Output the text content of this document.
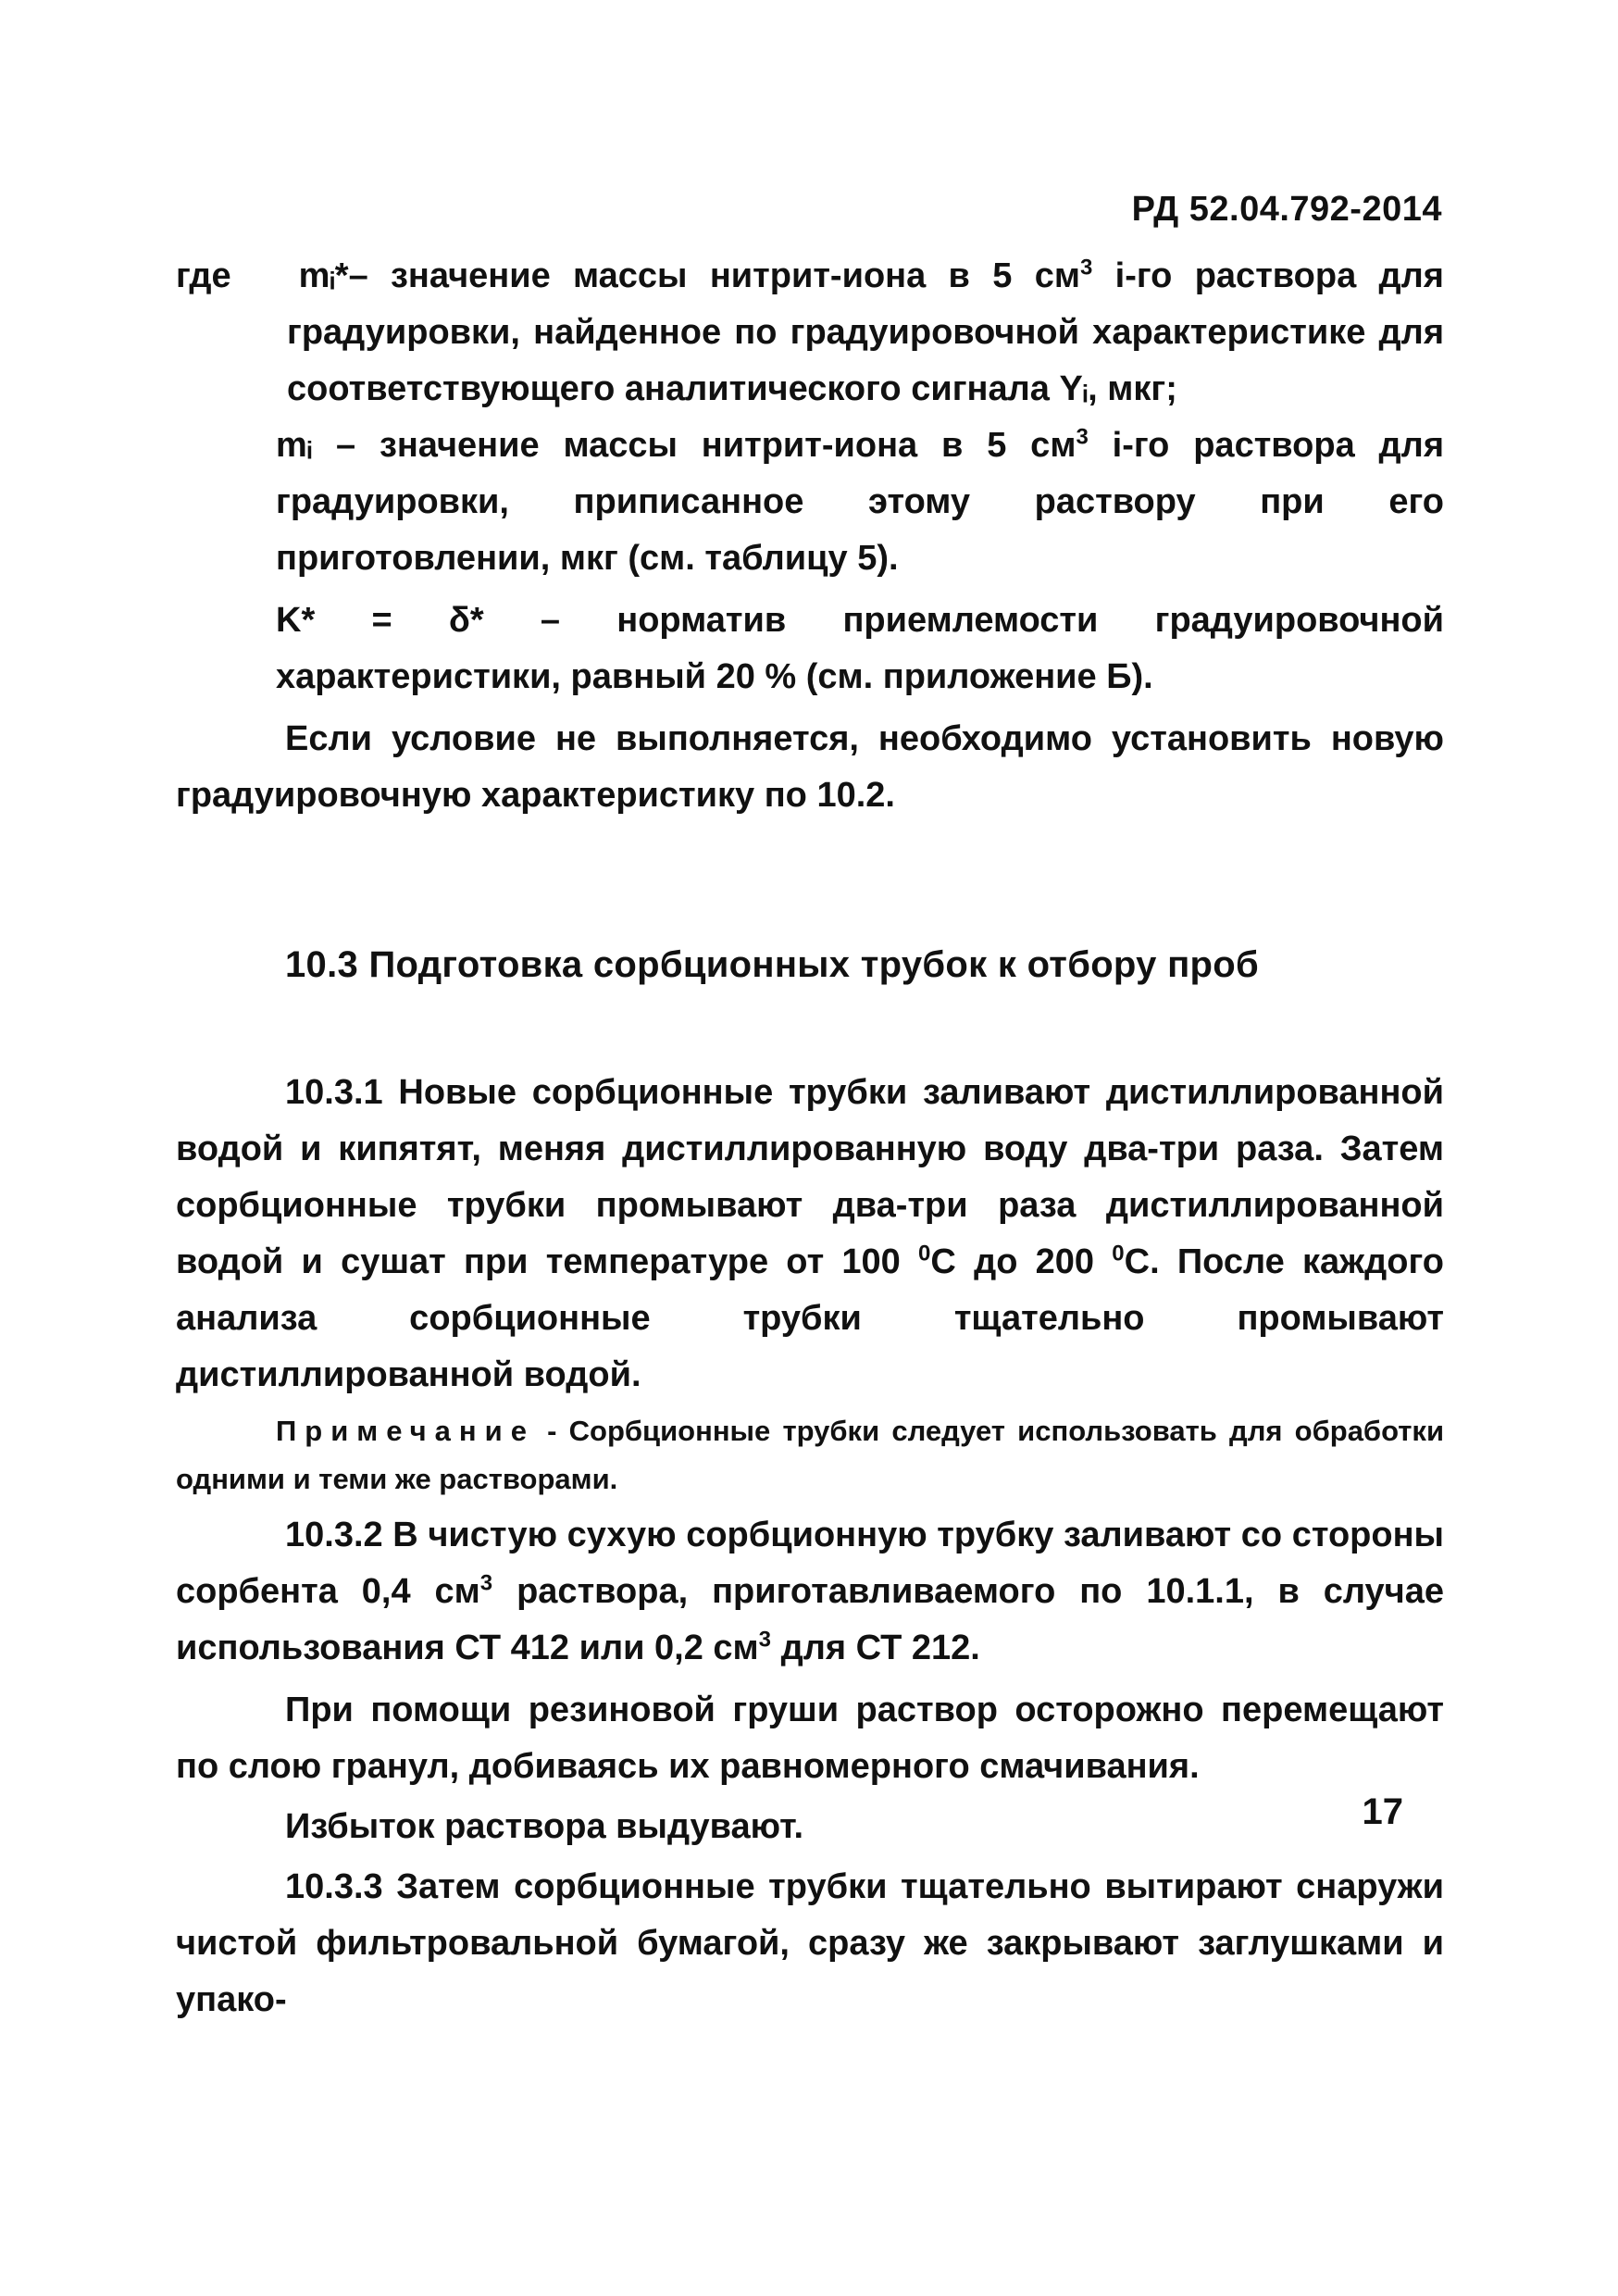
РД 52.04.792-2014

где mᵢ*– значение массы нитрит-иона в 5 $см^3$ i-го раствора для градуировки, найденное по градуировочной характеристике для соответствующего аналитического сигнала Yᵢ, мкг;

mᵢ – значение массы нитрит-иона в 5 $см^3$ i-го раствора для градуировки, приписанное этому раствору при его приготовлении, мкг (см. таблицу 5).

K* = δ* – норматив приемлемости градуировочной характеристики, равный 20 % (см. приложение Б).

Если условие не выполняется, необходимо установить новую градуировочную характеристику по 10.2.

10.3 Подготовка сорбционных трубок к отбору проб

10.3.1 Новые сорбционные трубки заливают дистиллированной водой и кипятят, меняя дистиллированную воду два-три раза. Затем сорбционные трубки промывают два-три раза дистиллированной водой и сушат при температуре от 100 $^0$С до 200 $^0$С. После каждого анализа сорбционные трубки тщательно промывают дистиллированной водой.

Примечание - Сорбционные трубки следует использовать для обработки одними и теми же растворами.

10.3.2 В чистую сухую сорбционную трубку заливают со стороны сорбента 0,4 $см^3$ раствора, приготавливаемого по 10.1.1, в случае использования СТ 412 или 0,2 $см^3$ для СТ 212.

При помощи резиновой груши раствор осторожно перемещают по слою гранул, добиваясь их равномерного смачивания.

Избыток раствора выдувают.

10.3.3 Затем сорбционные трубки тщательно вытирают снаружи чистой фильтровальной бумагой, сразу же закрывают заглушками и упако-

17
